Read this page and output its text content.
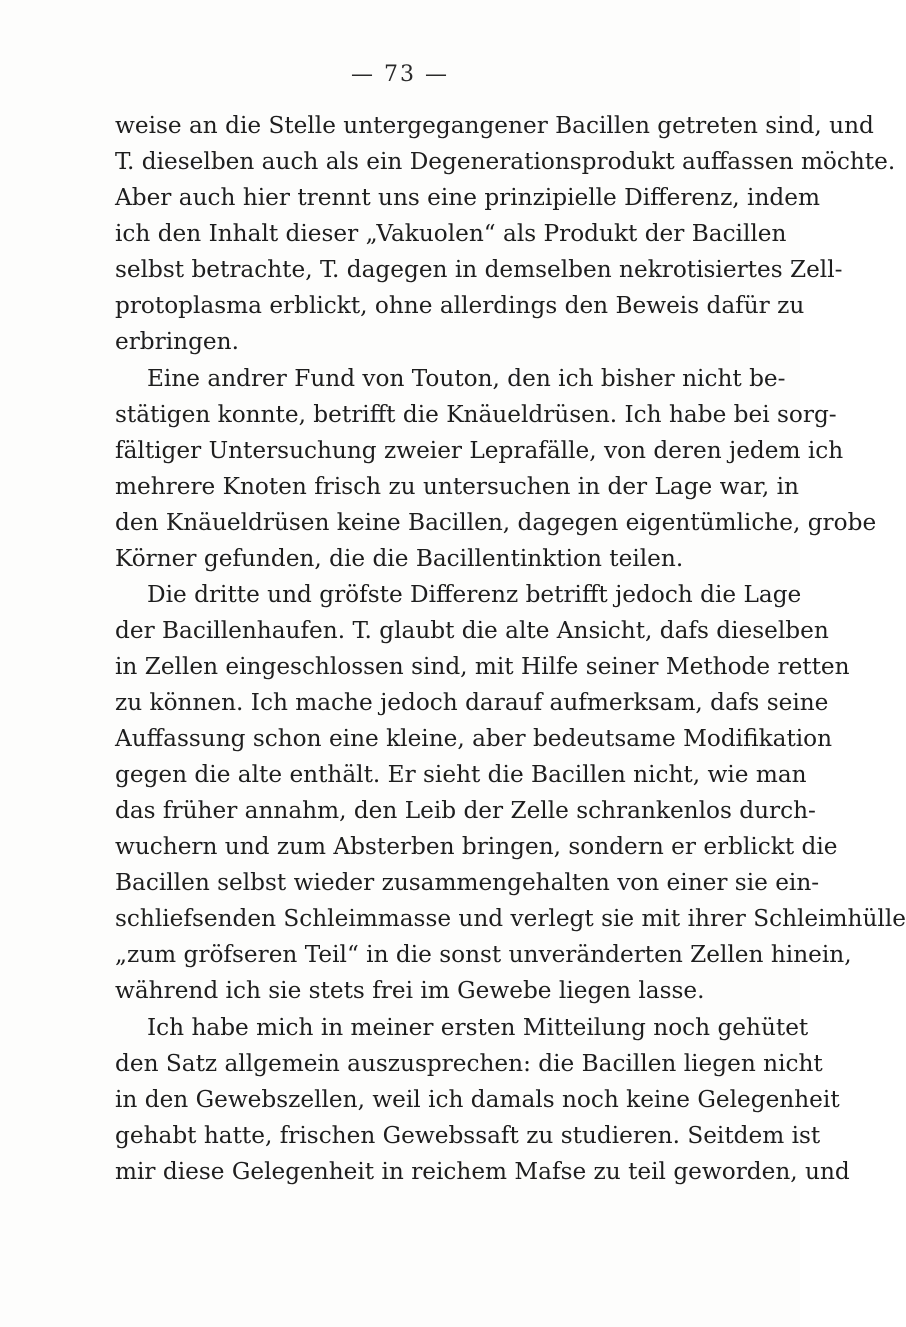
— 73 —
weise an die Stelle untergegangener Bacillen getreten sind, und
T. dieselben auch als ein Degenerationsprodukt auffassen möchte.
Aber auch hier trennt uns eine prinzipielle Differenz, indem
ich den Inhalt dieser „Vakuolen“ als Produkt der Bacillen
selbst betrachte, T. dagegen in demselben nekrotisiertes Zell-
protoplasma erblickt, ohne allerdings den Beweis dafür zu
erbringen.
Eine andrer Fund von Touton, den ich bisher nicht be-
stätigen konnte, betrifft die Knäueldrüsen. Ich habe bei sorg-
fältiger Untersuchung zweier Leprafälle, von deren jedem ich
mehrere Knoten frisch zu untersuchen in der Lage war, in
den Knäueldrüsen keine Bacillen, dagegen eigentümliche, grobe
Körner gefunden, die die Bacillentinktion teilen.
Die dritte und gröfste Differenz betrifft jedoch die Lage
der Bacillenhaufen. T. glaubt die alte Ansicht, dafs dieselben
in Zellen eingeschlossen sind, mit Hilfe seiner Methode retten
zu können. Ich mache jedoch darauf aufmerksam, dafs seine
Auffassung schon eine kleine, aber bedeutsame Modifikation
gegen die alte enthält. Er sieht die Bacillen nicht, wie man
das früher annahm, den Leib der Zelle schrankenlos durch-
wuchern und zum Absterben bringen, sondern er erblickt die
Bacillen selbst wieder zusammengehalten von einer sie ein-
schliefsenden Schleimmasse und verlegt sie mit ihrer Schleimhülle
„zum gröfseren Teil“ in die sonst unveränderten Zellen hinein,
während ich sie stets frei im Gewebe liegen lasse.
Ich habe mich in meiner ersten Mitteilung noch gehütet
den Satz allgemein auszusprechen: die Bacillen liegen nicht
in den Gewebszellen, weil ich damals noch keine Gelegenheit
gehabt hatte, frischen Gewebssaft zu studieren. Seitdem ist
mir diese Gelegenheit in reichem Mafse zu teil geworden, und
